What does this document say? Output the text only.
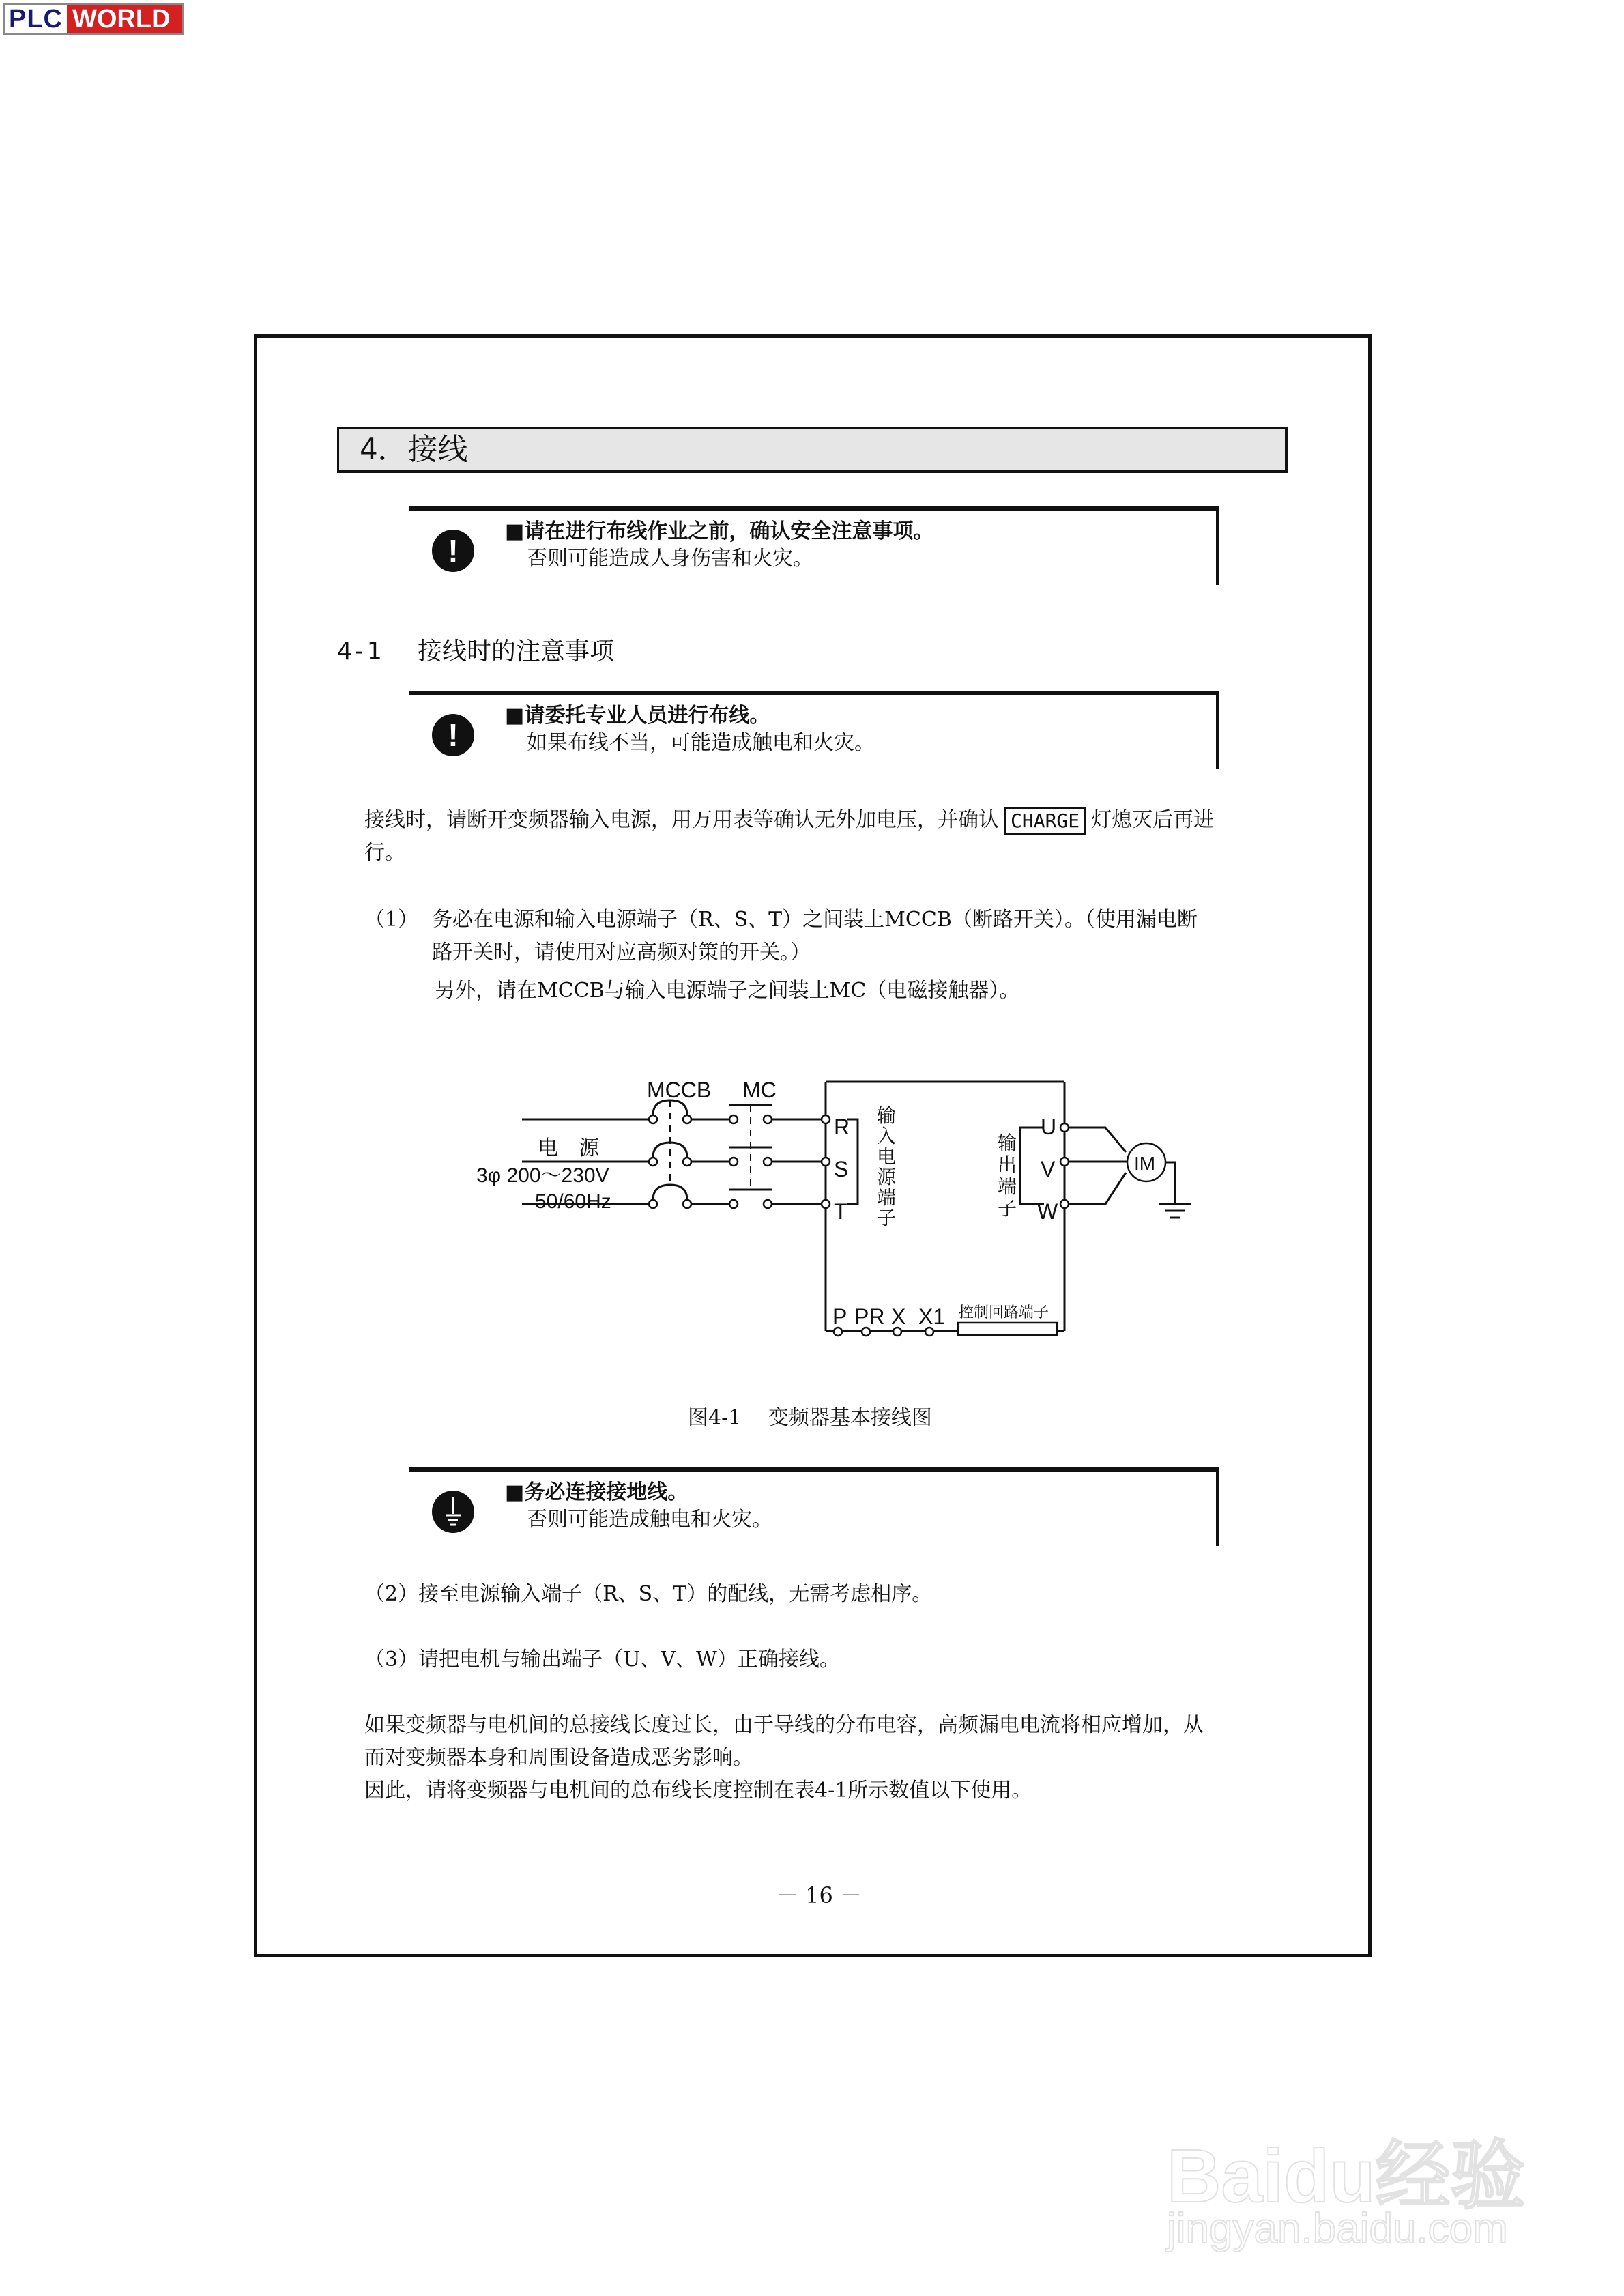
PLC WORLD
4．接线
!
■请在进行布线作业之前，确认安全注意事项。
否则可能造成人身伤害和火灾。
4-1 接线时的注意事项
!
■请委托专业人员进行布线。
如果布线不当，可能造成触电和火灾。
接线时，请断开变频器输入电源，用万用表等确认无外加电压，并确认 CHARGE 灯熄灭后再进
行。
（1） 务必在电源和输入电源端子（R、S、T）之间装上MCCB（断路开关）。（使用漏电断
路开关时，请使用对应高频对策的开关。）
另外，请在MCCB与输入电源端子之间装上MC（电磁接触器）。
MCCB MC
电　源
3φ 200～230V
50/60Hz
R
S
T
输
入
电
源
端
子
U
V
W
输
出
端
子
IM
P PR X X1 控制回路端子
图4-1　 变频器基本接线图
■务必连接接地线。
否则可能造成触电和火灾。
（2）接至电源输入端子（R、S、T）的配线，无需考虑相序。
（3）请把电机与输出端子（U、V、W）正确接线。
如果变频器与电机间的总接线长度过长，由于导线的分布电容，高频漏电电流将相应增加，从
而对变频器本身和周围设备造成恶劣影响。
因此，请将变频器与电机间的总布线长度控制在表4-1所示数值以下使用。
－ 16 －
Baidu经验
jingyan.baidu.com
